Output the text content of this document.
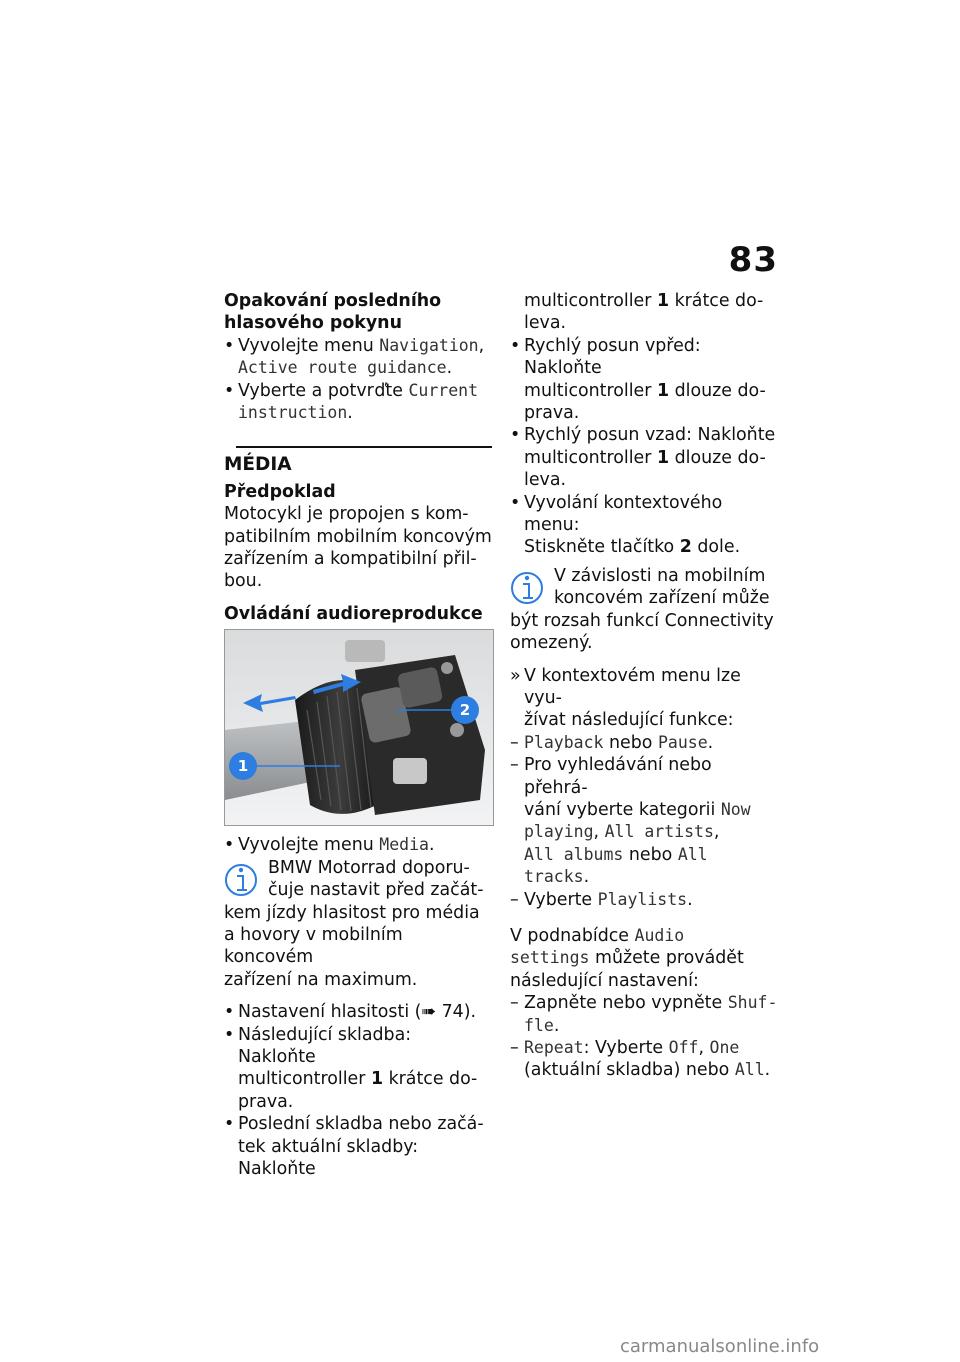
83
Opakování posledního
hlasového pokynu
• Vyvolejte menu Navigation,
Active route guidance.
• Vyberte a potvrďte Current
instruction.
MÉDIA
Předpoklad
Motocykl je propojen s kom-
patibilním mobilním koncovým
zařízením a kompatibilní přil-
bou.
Ovládání audioreprodukce
1
2
• Vyvolejte menu Media.
BMW Motorrad doporu-
čuje nastavit před začát-
kem jízdy hlasitost pro média
a hovory v mobilním koncovém
zařízení na maximum.
• Nastavení hlasitosti (➠ 74).
• Následující skladba: Nakloňte
multicontroller 1 krátce do-
prava.
• Poslední skladba nebo začá-
tek aktuální skladby: Nakloňte
multicontroller 1 krátce do-
leva.
• Rychlý posun vpřed: Nakloňte
multicontroller 1 dlouze do-
prava.
• Rychlý posun vzad: Nakloňte
multicontroller 1 dlouze do-
leva.
• Vyvolání kontextového menu:
Stiskněte tlačítko 2 dole.
V závislosti na mobilním
koncovém zařízení může
být rozsah funkcí Connectivity
omezený.
» V kontextovém menu lze vyu-
žívat následující funkce:
– Playback nebo Pause.
– Pro vyhledávání nebo přehrá-
vání vyberte kategorii Now
playing, All artists,
All albums nebo All
tracks.
– Vyberte Playlists.
V podnabídce Audio
settings můžete provádět
následující nastavení:
– Zapněte nebo vypněte Shuf-
fle.
– Repeat: Vyberte Off, One
(aktuální skladba) nebo All.
carmanualsonline.info
